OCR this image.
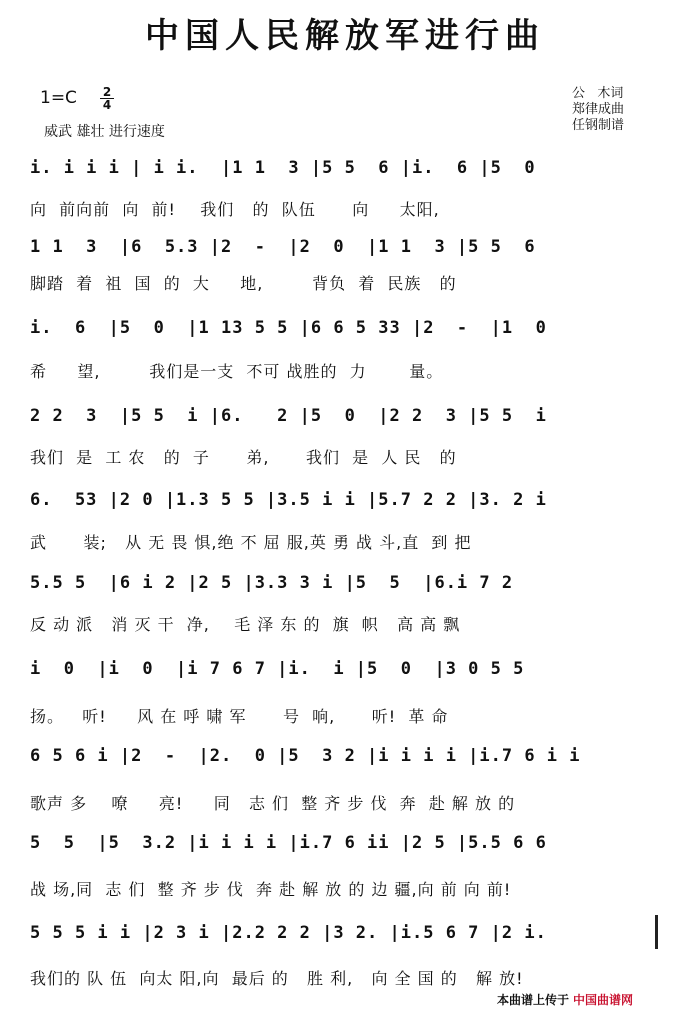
中国人民解放军进行曲
$1=C \frac{2}{4}$
威武 雄壮 进行速度
公   木词
郑律成曲
任钢制谱
i. i i i | i i.  |1 1  3 |5 5  6 |i.  6 |5  0
向  前向前  向  前!    我们   的  队伍      向     太阳,
1 1  3  |6  5.3 |2  -  |2  0  |1 1  3 |5 5  6
脚踏  着  祖  国  的  大     地,        背负  着  民族   的
i.  6  |5  0  |1 13 5 5 |6 6 5 33 |2  -  |1  0
希     望,        我们是一支  不可 战胜的  力       量。
2 2  3  |5 5  i |6.   2 |5  0  |2 2  3 |5 5  i
我们  是  工 农   的  子      弟,      我们  是  人 民   的
6.  53 |2 0 |1.3 5 5 |3.5 i i |5.7 2 2 |3. 2 i
武      装;   从 无 畏 惧,绝 不 屈 服,英 勇 战 斗,直  到 把
5.5 5  |6 i 2 |2 5 |3.3 3 i |5  5  |6.i 7 2
反 动 派   消 灭 干  净,    毛 泽 东 的  旗  帜   高 高 飘
i  0  |i  0  |i 7 6 7 |i.  i |5  0  |3 0 5 5
扬。   听!     风 在 呼 啸 军      号  响,      听!  革 命
6 5 6 i |2  -  |2.  0 |5  3 2 |i i i i |i.7 6 i i
歌声 多    嘹     亮!     同   志 们  整 齐 步 伐  奔  赴 解 放 的
5  5  |5  3.2 |i i i i |i.7 6 ii |2 5 |5.5 6 6
战 场,同  志 们  整 齐 步 伐  奔 赴 解 放 的 边 疆,向 前 向 前!
5 5 5 i i |2 3 i |2.2 2 2 |3 2. |i.5 6 7 |2 i.
我们的 队 伍  向太 阳,向  最后 的   胜 利,   向 全 国 的   解 放!
本曲谱上传于 中国曲谱网
